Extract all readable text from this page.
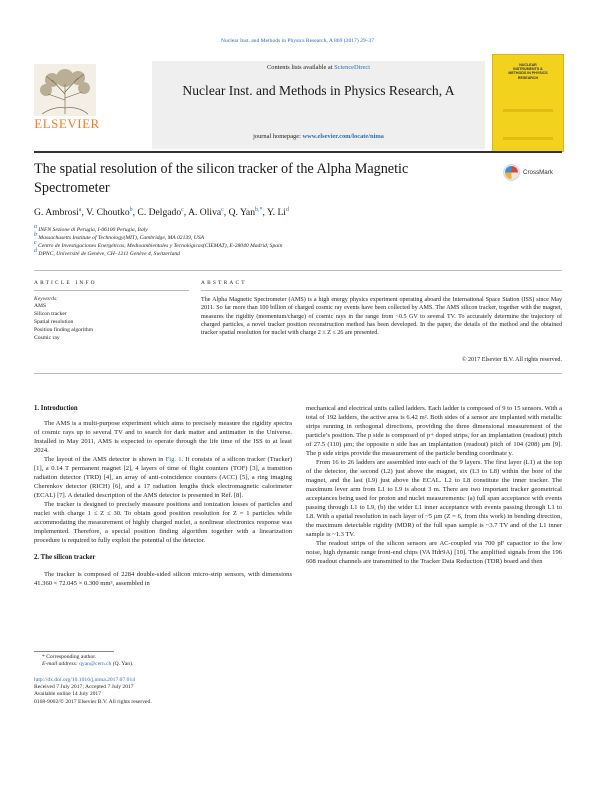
Nuclear Inst. and Methods in Physics Research, A 869 (2017) 29–37
ELSEVIER
Contents lists available at ScienceDirect
Nuclear Inst. and Methods in Physics Research, A
journal homepage: www.elsevier.com/locate/nima
NUCLEAR INSTRUMENTS & METHODS IN PHYSICS RESEARCH
The spatial resolution of the silicon tracker of the Alpha Magnetic Spectrometer
CrossMark
G. Ambrosi$^a$, V. Choutko$^b$, C. Delgado$^c$, A. Oliva$^c$, Q. Yan$^{b,*}$, Y. Li$^d$
$^a$ INFN Sezione di Perugia, I-06100 Perugia, Italy
$^b$ Massachusetts Institute of Technology(MIT), Cambridge, MA 02139, USA
$^c$ Centro de Investigaciones Energéticas, Medioambientales y Tecnológicas(CIEMAT), E-28040 Madrid, Spain
$^d$ DPNC, Université de Genève, CH–1211 Genève 4, Switzerland
ARTICLE INFO	ABSTRACT
Keywords:
AMS
Silicon tracker
Spatial resolution
Position finding algorithm
Cosmic ray
The Alpha Magnetic Spectrometer (AMS) is a high energy physics experiment operating aboard the International Space Station (ISS) since May 2011. So far more than 100 billion of charged cosmic ray events have been collected by AMS. The AMS silicon tracker, together with the magnet, measures the rigidity (momentum/charge) of cosmic rays in the range from ~0.5 GV to several TV. To accurately determine the trajectory of charged particles, a novel tracker position reconstruction method has been developed. In the paper, the details of the method and the obtained tracker spatial resolution for nuclei with charge 2 ≤ Z ≤ 26 are presented.
© 2017 Elsevier B.V. All rights reserved.
1. Introduction

The AMS is a multi-purpose experiment which aims to precisely measure the rigidity spectra of cosmic rays up to several TV and to search for dark matter and antimatter in the Universe. Installed in May 2011, AMS is expected to operate through the life time of the ISS to at least 2024.

The layout of the AMS detector is shown in Fig. 1. It consists of a silicon tracker (Tracker) [1], a 0.14 T permanent magnet [2], 4 layers of time of flight counters (TOF) [3], a transition radiation detector (TRD) [4], an array of anti-coincidence counters (ACC) [5], a ring imaging Cherenkov detector (RICH) [6], and a 17 radiation lengths thick electromagnetic calorimeter (ECAL) [7]. A detailed description of the AMS detector is presented in Ref. [8].

The tracker is designed to precisely measure positions and ionization losses of particles and nuclei with charge 1 ≤ Z ≤ 30. To obtain good position resolution for Z = 1 particles while accommodating the measurement of highly charged nuclei, a nonlinear electronics response was implemented. Therefore, a special position finding algorithm together with a linearization procedure is required to fully exploit the potential of the detector.

2. The silicon tracker

The tracker is composed of 2284 double-sided silicon micro-strip sensors, with dimensions 41.360 × 72.045 × 0.300 mm³, assembled in

mechanical and electrical units called ladders. Each ladder is composed of 9 to 15 sensors. With a total of 192 ladders, the active area is 6.42 m². Both sides of a sensor are implanted with metallic strips running in orthogonal directions, providing the three dimensional measurement of the particle’s position. The p side is composed of p+ doped strips, for an implantation (readout) pitch of 27.5 (110) μm; the opposite n side has an implantation (readout) pitch of 104 (208) μm [9]. The p side strips provide the measurement of the particle bending coordinate y.

From 16 to 26 ladders are assembled into each of the 9 layers. The first layer (L1) at the top of the detector, the second (L2) just above the magnet, six (L3 to L8) within the bore of the magnet, and the last (L9) just above the ECAL. L2 to L8 constitute the inner tracker. The maximum lever arm from L1 to L9 is about 3 m. There are two important tracker geometrical acceptances being used for proton and nuclei measurements: (a) full span acceptance with events passing through L1 to L9, (b) the wider L1 inner acceptance with events passing through L1 to L8. With a spatial resolution in each layer of ~5 μm (Z = 6, from this work) in bending direction, the maximum detectable rigidity (MDR) of the full span sample is ~3.7 TV and of the L1 inner sample is ~1.3 TV.

The readout strips of the silicon sensors are AC-coupled via 700 pF capacitor to the low noise, high dynamic range front-end chips (VA Hdr9A) [10]. The amplified signals from the 196 608 readout channels are transmitted to the Tracker Data Reduction (TDR) board and then

* Corresponding author.
E-mail address: qyan@cern.ch (Q. Yan).
http://dx.doi.org/10.1016/j.nima.2017.07.014
Received 7 July 2017; Accepted 7 July 2017
Available online 14 July 2017
0168-9002/© 2017 Elsevier B.V. All rights reserved.
